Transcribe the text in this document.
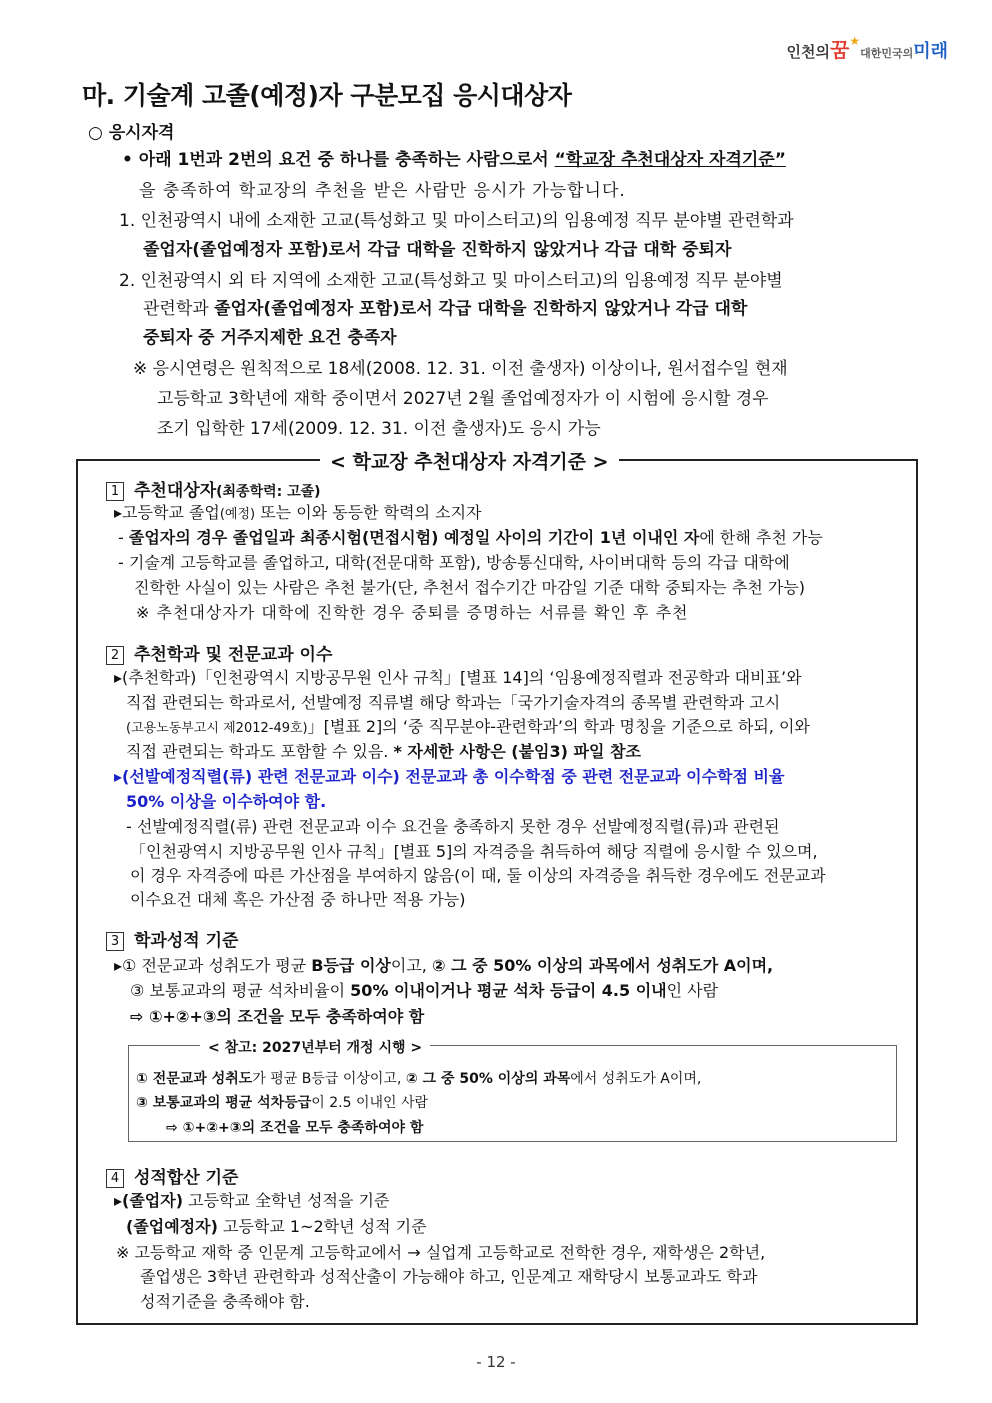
인천의꿈★대한민국의미래
마. 기술계 고졸(예정)자 구분모집 응시대상자
○ 응시자격
• 아래 1번과 2번의 요건 중 하나를 충족하는 사람으로서 “학교장 추천대상자 자격기준”
을 충족하여 학교장의 추천을 받은 사람만 응시가 가능합니다.
1. 인천광역시 내에 소재한 고교(특성화고 및 마이스터고)의 임용예정 직무 분야별 관련학과
졸업자(졸업예정자 포함)로서 각급 대학을 진학하지 않았거나 각급 대학 중퇴자
2. 인천광역시 외 타 지역에 소재한 고교(특성화고 및 마이스터고)의 임용예정 직무 분야별
관련학과 졸업자(졸업예정자 포함)로서 각급 대학을 진학하지 않았거나 각급 대학
중퇴자 중 거주지제한 요건 충족자
※ 응시연령은 원칙적으로 18세(2008. 12. 31. 이전 출생자) 이상이나, 원서접수일 현재
고등학교 3학년에 재학 중이면서 2027년 2월 졸업예정자가 이 시험에 응시할 경우
조기 입학한 17세(2009. 12. 31. 이전 출생자)도 응시 가능
< 학교장 추천대상자 자격기준 >
1 추천대상자(최종학력: 고졸)
▸고등학교 졸업(예정) 또는 이와 동등한 학력의 소지자
- 졸업자의 경우 졸업일과 최종시험(면접시험) 예정일 사이의 기간이 1년 이내인 자에 한해 추천 가능
- 기술계 고등학교를 졸업하고, 대학(전문대학 포함), 방송통신대학, 사이버대학 등의 각급 대학에
진학한 사실이 있는 사람은 추천 불가(단, 추천서 접수기간 마감일 기준 대학 중퇴자는 추천 가능)
※ 추천대상자가 대학에 진학한 경우 중퇴를 증명하는 서류를 확인 후 추천
2 추천학과 및 전문교과 이수
▸(추천학과)「인천광역시 지방공무원 인사 규칙」[별표 14]의 ‘임용예정직렬과 전공학과 대비표’와
직접 관련되는 학과로서, 선발예정 직류별 해당 학과는「국가기술자격의 종목별 관련학과 고시
(고용노동부고시 제2012-49호)」[별표 2]의 ‘중 직무분야-관련학과’의 학과 명칭을 기준으로 하되, 이와
직접 관련되는 학과도 포함할 수 있음. * 자세한 사항은 (붙임3) 파일 참조
▸(선발예정직렬(류) 관련 전문교과 이수) 전문교과 총 이수학점 중 관련 전문교과 이수학점 비율
50% 이상을 이수하여야 함.
- 선발예정직렬(류) 관련 전문교과 이수 요건을 충족하지 못한 경우 선발예정직렬(류)과 관련된
「인천광역시 지방공무원 인사 규칙」[별표 5]의 자격증을 취득하여 해당 직렬에 응시할 수 있으며,
이 경우 자격증에 따른 가산점을 부여하지 않음(이 때, 둘 이상의 자격증을 취득한 경우에도 전문교과
이수요건 대체 혹은 가산점 중 하나만 적용 가능)
3 학과성적 기준
▸① 전문교과 성취도가 평균 B등급 이상이고, ② 그 중 50% 이상의 과목에서 성취도가 A이며,
③ 보통교과의 평균 석차비율이 50% 이내이거나 평균 석차 등급이 4.5 이내인 사람
⇨ ①+②+③의 조건을 모두 충족하여야 함
< 참고: 2027년부터 개정 시행 >
① 전문교과 성취도가 평균 B등급 이상이고, ② 그 중 50% 이상의 과목에서 성취도가 A이며,
③ 보통교과의 평균 석차등급이 2.5 이내인 사람
⇨ ①+②+③의 조건을 모두 충족하여야 함
4 성적합산 기준
▸(졸업자) 고등학교 全학년 성적을 기준
(졸업예정자) 고등학교 1~2학년 성적 기준
※ 고등학교 재학 중 인문계 고등학교에서 → 실업계 고등학교로 전학한 경우, 재학생은 2학년,
졸업생은 3학년 관련학과 성적산출이 가능해야 하고, 인문계고 재학당시 보통교과도 학과
성적기준을 충족해야 함.
- 12 -
